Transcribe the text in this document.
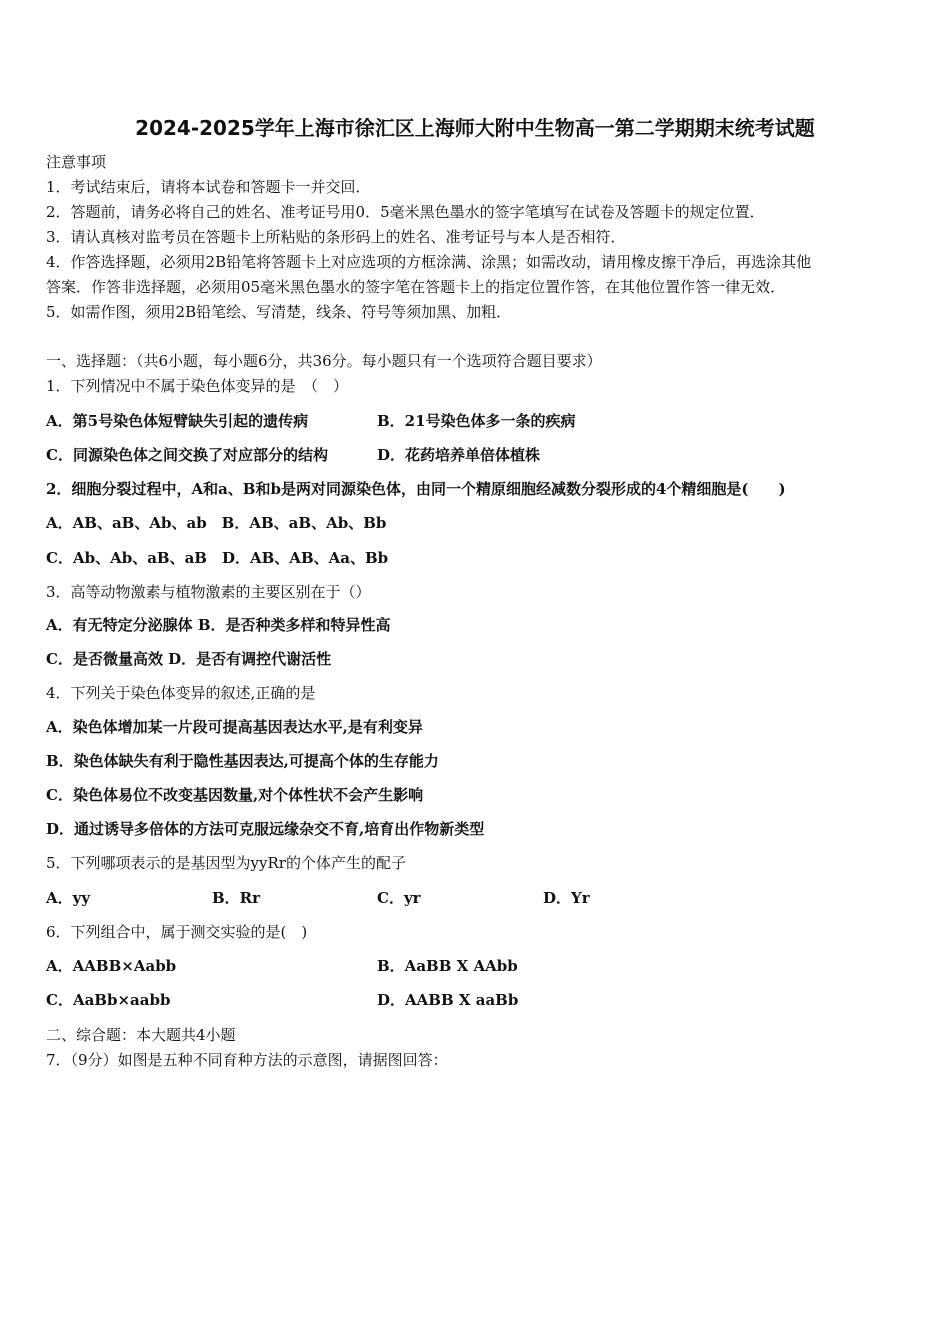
2024-2025学年上海市徐汇区上海师大附中生物高一第二学期期末统考试题
注意事项
1．考试结束后，请将本试卷和答题卡一并交回．
2．答题前，请务必将自己的姓名、准考证号用0．5毫米黑色墨水的签字笔填写在试卷及答题卡的规定位置．
3．请认真核对监考员在答题卡上所粘贴的条形码上的姓名、准考证号与本人是否相符．
4．作答选择题，必须用2B铅笔将答题卡上对应选项的方框涂满、涂黑；如需改动，请用橡皮擦干净后，再选涂其他
答案．作答非选择题，必须用05毫米黑色墨水的签字笔在答题卡上的指定位置作答，在其他位置作答一律无效．
5．如需作图，须用2B铅笔绘、写清楚，线条、符号等须加黑、加粗．
一、选择题：（共6小题，每小题6分，共36分。每小题只有一个选项符合题目要求）
1．下列情况中不属于染色体变异的是　（　）
A．第5号染色体短臂缺失引起的遗传病	B．21号染色体多一条的疾病
C．同源染色体之间交换了对应部分的结构	D．花药培养单倍体植株
2．细胞分裂过程中，A和a、B和b是两对同源染色体，由同一个精原细胞经减数分裂形成的4个精细胞是(　　)
A．AB、aB、Ab、ab　B．AB、aB、Ab、Bb
C．Ab、Ab、aB、aB　D．AB、AB、Aa、Bb
3．高等动物激素与植物激素的主要区别在于（）
A．有无特定分泌腺体 B．是否种类多样和特异性高
C．是否微量高效 D．是否有调控代谢活性
4．下列关于染色体变异的叙述,正确的是
A．染色体增加某一片段可提高基因表达水平,是有利变异
B．染色体缺失有利于隐性基因表达,可提高个体的生存能力
C．染色体易位不改变基因数量,对个体性状不会产生影响
D．通过诱导多倍体的方法可克服远缘杂交不育,培育出作物新类型
5．下列哪项表示的是基因型为yyRr的个体产生的配子
A．yy	B．Rr	C．yr	D．Yr
6．下列组合中，属于测交实验的是(　)
A．AABB×Aabb	B．AaBB X AAbb
C．AaBb×aabb	D．AABB X aaBb
二、综合题：本大题共4小题
7．（9分）如图是五种不同育种方法的示意图，请据图回答：
